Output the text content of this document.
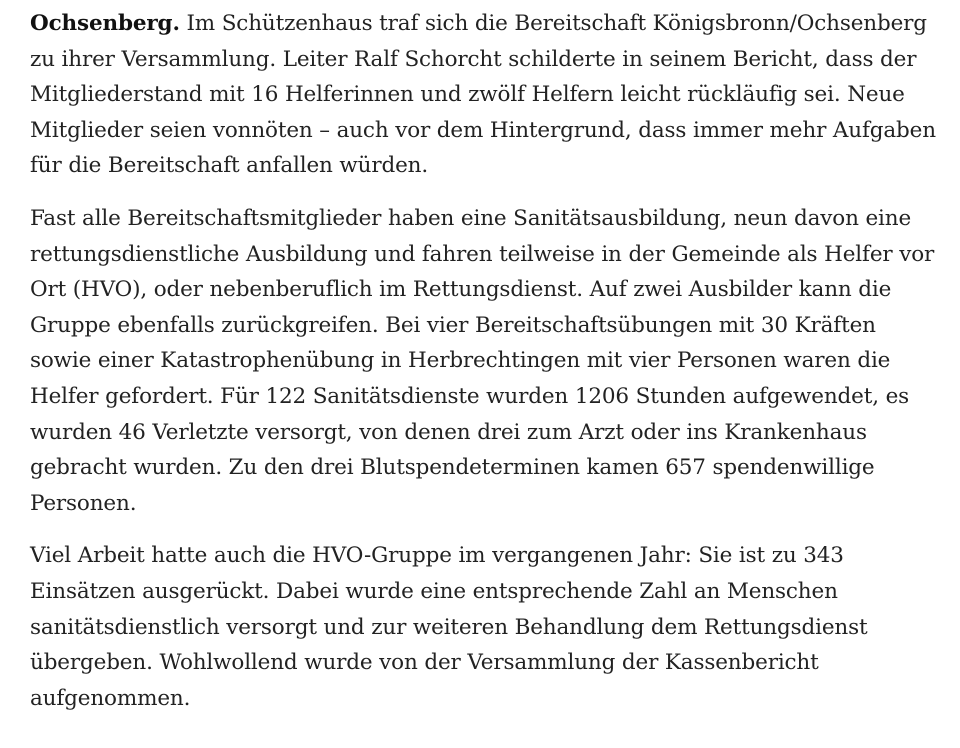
Ochsenberg. Im Schützenhaus traf sich die Bereitschaft Königsbronn/Ochsenberg zu ihrer Versammlung. Leiter Ralf Schorcht schilderte in seinem Bericht, dass der Mitgliederstand mit 16 Helferinnen und zwölf Helfern leicht rückläufig sei. Neue Mitglieder seien vonnöten – auch vor dem Hintergrund, dass immer mehr Aufgaben für die Bereitschaft anfallen würden.

Fast alle Bereitschaftsmitglieder haben eine Sanitätsausbildung, neun davon eine rettungsdienstliche Ausbildung und fahren teilweise in der Gemeinde als Helfer vor Ort (HVO), oder nebenberuflich im Rettungsdienst. Auf zwei Ausbilder kann die Gruppe ebenfalls zurückgreifen. Bei vier Bereitschaftsübungen mit 30 Kräften sowie einer Katastrophenübung in Herbrechtingen mit vier Personen waren die Helfer gefordert. Für 122 Sanitätsdienste wurden 1206 Stunden aufgewendet, es wurden 46 Verletzte versorgt, von denen drei zum Arzt oder ins Krankenhaus gebracht wurden. Zu den drei Blutspendeterminen kamen 657 spendenwillige Personen.

Viel Arbeit hatte auch die HVO-Gruppe im vergangenen Jahr: Sie ist zu 343 Einsätzen ausgerückt. Dabei wurde eine entsprechende Zahl an Menschen sanitätsdienstlich versorgt und zur weiteren Behandlung dem Rettungsdienst übergeben. Wohlwollend wurde von der Versammlung der Kassenbericht aufgenommen.
